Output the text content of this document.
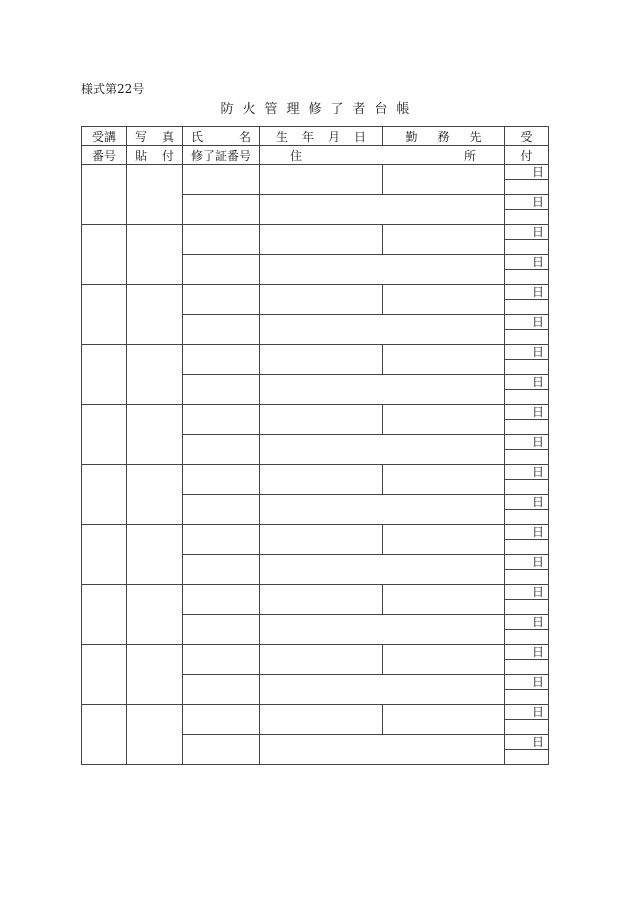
様式第22号
防火管理修了者台帳
受講	写 真	氏 名	生年月日	勤務先	受

番号	貼 付	修了証番号	住 所		付

					日

					日

					日

					日

					日

					日

					日

					日

					日

					日

					日

					日

					日

					日

					日

					日

					日

					日

					日

					日
